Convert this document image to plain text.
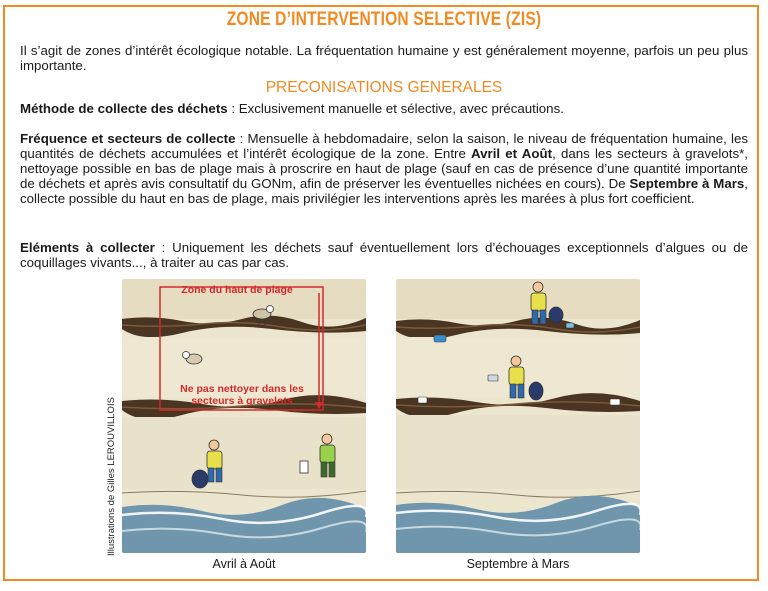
ZONE D’INTERVENTION SELECTIVE (ZIS)
Il s’agit de zones d’intérêt écologique notable. La fréquentation humaine y est généralement moyenne, parfois un peu plus importante.
PRECONISATIONS GENERALES
Méthode de collecte des déchets : Exclusivement manuelle et sélective, avec précautions.
Fréquence et secteurs de collecte : Mensuelle à hebdomadaire, selon la saison, le niveau de fréquentation humaine, les quantités de déchets accumulées et l’intérêt écologique de la zone. Entre Avril et Août, dans les secteurs à gravelots*, nettoyage possible en bas de plage mais à proscrire en haut de plage (sauf en cas de présence d’une quantité importante de déchets et après avis consultatif du GONm, afin de préserver les éventuelles nichées en cours). De Septembre à Mars, collecte possible du haut en bas de plage, mais privilégier les interventions après les marées à plus fort coefficient.
Eléments à collecter : Uniquement les déchets sauf éventuellement lors d’échouages exceptionnels d’algues ou de coquillages vivants..., à traiter au cas par cas.
Zone du haut de plage
Ne pas nettoyer dans les secteurs à gravelots
Illustrations de Gilles LEROUVILLOIS
Avril à Août	Septembre à Mars
